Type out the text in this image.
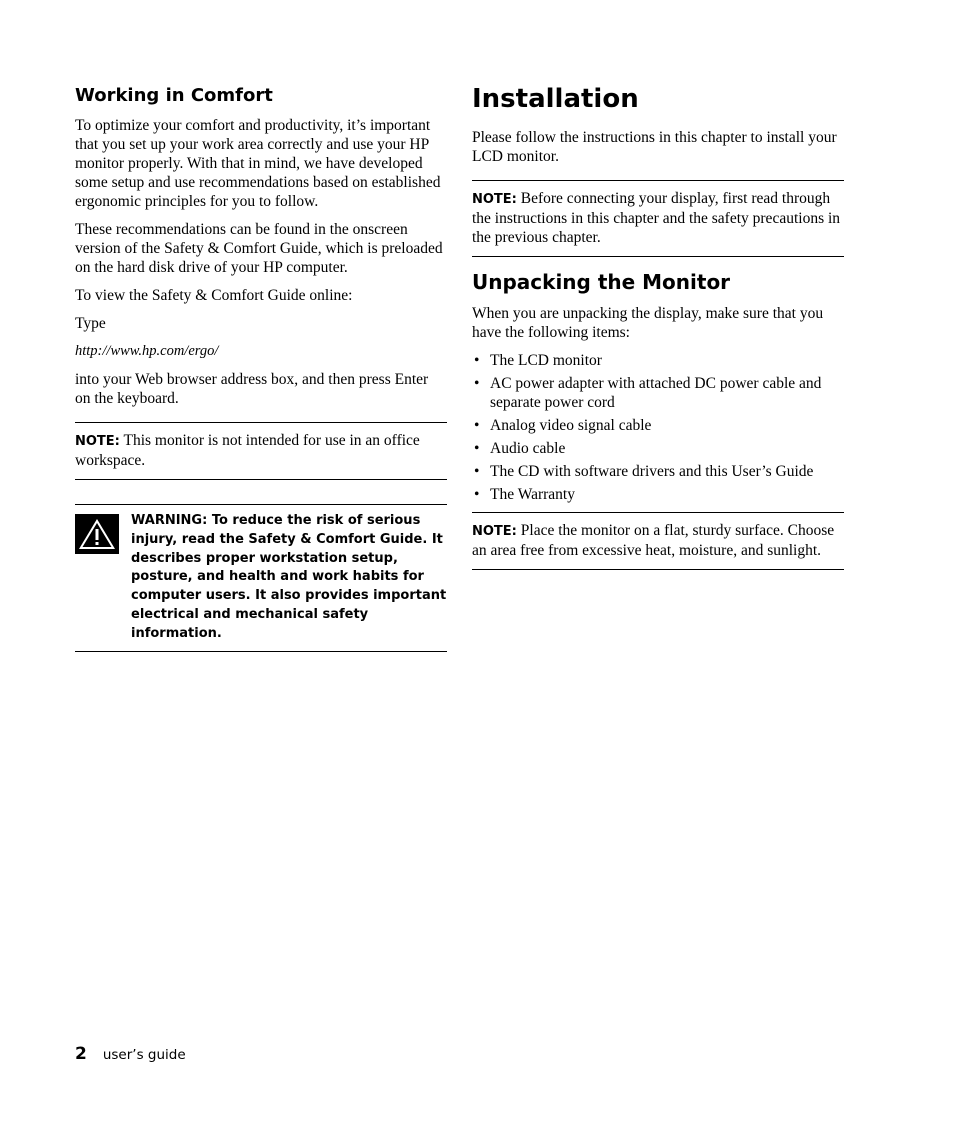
Working in Comfort

To optimize your comfort and productivity, it’s important that you set up your work area correctly and use your HP monitor properly. With that in mind, we have developed some setup and use recommendations based on established ergonomic principles for you to follow.

These recommendations can be found in the onscreen version of the Safety & Comfort Guide, which is preloaded on the hard disk drive of your HP computer.

To view the Safety & Comfort Guide online:

Type

http://www.hp.com/ergo/

into your Web browser address box, and then press Enter on the keyboard.

NOTE: This monitor is not intended for use in an office workspace.

WARNING: To reduce the risk of serious injury, read the Safety & Comfort Guide. It describes proper workstation setup, posture, and health and work habits for computer users. It also provides important electrical and mechanical safety information.
Installation

Please follow the instructions in this chapter to install your LCD monitor.

NOTE: Before connecting your display, first read through the instructions in this chapter and the safety precautions in the previous chapter.

Unpacking the Monitor

When you are unpacking the display, make sure that you have the following items:

• The LCD monitor
• AC power adapter with attached DC power cable and separate power cord
• Analog video signal cable
• Audio cable
• The CD with software drivers and this User’s Guide
• The Warranty

NOTE: Place the monitor on a flat, sturdy surface. Choose an area free from excessive heat, moisture, and sunlight.

2 user’s guide
